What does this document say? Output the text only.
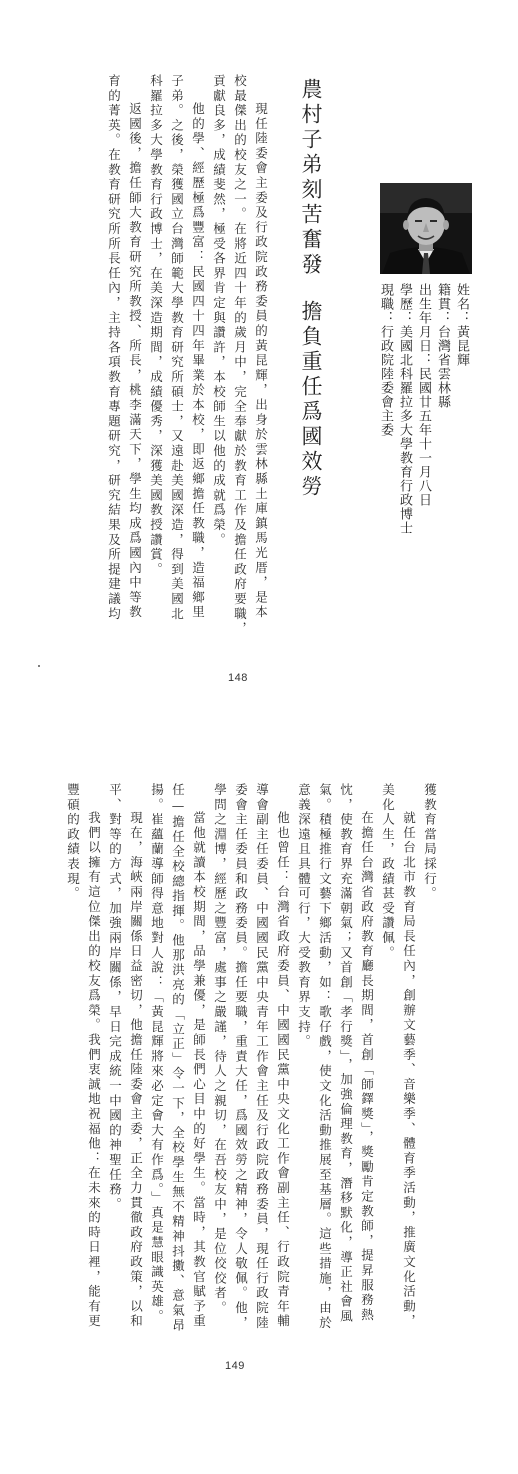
姓名：黃昆輝
籍貫：台灣省雲林縣
出生年月日：民國廿五年十一月八日
學歷：美國北科羅拉多大學教育行政博士
現職：行政院陸委會主委
農村子弟刻苦奮發擔負重任爲國效勞
現任陸委會主委及行政院政務委員的黃昆輝，出身於雲林縣土庫鎮馬光厝，是本
校最傑出的校友之一。在將近四十年的歲月中，完全奉獻於教育工作及擔任政府要職，
貢獻良多，成績斐然，極受各界肯定與讚許，本校師生以他的成就爲榮。
他的學、經歷極爲豐富：民國四十四年畢業於本校，即返鄉擔任教職，造福鄉里
子弟。之後，榮獲國立台灣師範大學教育研究所碩士，又遠赴美國深造，得到美國北
科羅拉多大學教育行政博士，在美深造期間，成績優秀，深獲美國教授讚賞。
返國後，擔任師大教育研究所教授、所長，桃李滿天下，學生均成爲國內中等教
育的菁英。在教育研究所所長任內，主持各項教育專題研究，研究結果及所提建議均
148
獲教育當局採行。
就任台北市教育局長任內，創辦文藝季、音樂季、體育季活動，推廣文化活動，
美化人生，政績甚受讚佩。
在擔任台灣省政府教育廳長期間，首創「師鐸獎」，獎勵肯定教師，提昇服務熱
忱，使教育界充滿朝氣；又首創「孝行獎」，加強倫理教育，潛移默化，導正社會風
氣。積極推行文藝下鄉活動，如：歌仔戲，使文化活動推展至基層。這些措施，由於
意義深遠且具體可行，大受教育界支持。
他也曾任：台灣省政府委員、中國國民黨中央文化工作會副主任、行政院青年輔
導會副主任委員、中國國民黨中央青年工作會主任及行政院政務委員，現任行政院陸
委會主任委員和政務委員。擔任要職，重責大任，爲國效勞之精神，令人敬佩。他，
學問之淵博，經歷之豐富，處事之嚴謹，待人之親切，在吾校友中，是位佼佼者。
當他就讀本校期間，品學兼優，是師長們心目中的好學生。當時，其教官賦予重
任—擔任全校總指揮。他那洪亮的「立正」令一下，全校學生無不精神抖擻、意氣昂
揚。崔蘊蘭導師得意地對人說：「黃昆輝將來必定會大有作爲。」真是慧眼識英雄。
現在，海峽兩岸關係日益密切，他擔任陸委會主委，正全力貫徹政府政策，以和
平、對等的方式，加強兩岸關係，早日完成統一中國的神聖任務。
我們以擁有這位傑出的校友爲榮。我們衷誠地祝福他：在未來的時日裡，能有更
豐碩的政績表現。
149
